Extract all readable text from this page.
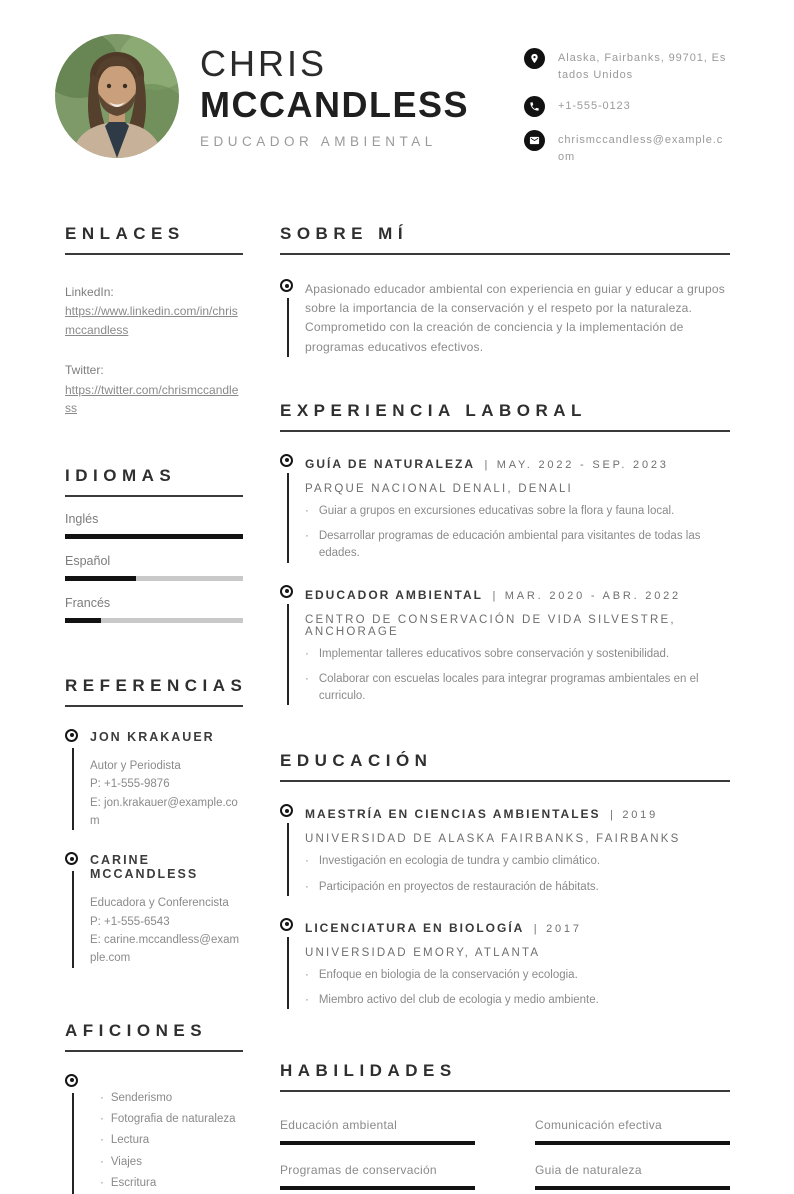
CHRIS
MCCANDLESS
EDUCADOR AMBIENTAL
Alaska, Fairbanks, 99701, Estados Unidos
+1-555-0123
chrismccandless@example.com
ENLACES
LinkedIn:
https://www.linkedin.com/in/chrismccandless
Twitter:
https://twitter.com/chrismccandless
IDIOMAS
Inglés
Español
Francés
REFERENCIAS
JON KRAKAUER
Autor y Periodista
P: +1-555-9876
E: jon.krakauer@example.com
CARINE MCCANDLESS
Educadora y Conferencista
P: +1-555-6543
E: carine.mccandless@example.com
AFICIONES
· Senderismo
· Fotografia de naturaleza
· Lectura
· Viajes
· Escritura
SOBRE MÍ

Apasionado educador ambiental con experiencia en guiar y educar a grupos sobre la importancia de la conservación y el respeto por la naturaleza. Comprometido con la creación de conciencia y la implementación de programas educativos efectivos.

EXPERIENCIA LABORAL
GUÍA DE NATURALEZA | MAY. 2022 - SEP. 2023
PARQUE NACIONAL DENALI, DENALI
· Guiar a grupos en excursiones educativas sobre la flora y fauna local.
· Desarrollar programas de educación ambiental para visitantes de todas las edades.
EDUCADOR AMBIENTAL | MAR. 2020 - ABR. 2022
CENTRO DE CONSERVACIÓN DE VIDA SILVESTRE, ANCHORAGE
· Implementar talleres educativos sobre conservación y sostenibilidad.
· Colaborar con escuelas locales para integrar programas ambientales en el curriculo.
EDUCACIÓN
MAESTRÍA EN CIENCIAS AMBIENTALES | 2019
UNIVERSIDAD DE ALASKA FAIRBANKS, FAIRBANKS
· Investigación en ecologia de tundra y cambio climático.
· Participación en proyectos de restauración de hábitats.
LICENCIATURA EN BIOLOGÍA | 2017
UNIVERSIDAD EMORY, ATLANTA
· Enfoque en biologia de la conservación y ecologia.
· Miembro activo del club de ecologia y medio ambiente.
HABILIDADES
Educación ambiental	Comunicación efectiva
Programas de conservación	Guia de naturaleza
